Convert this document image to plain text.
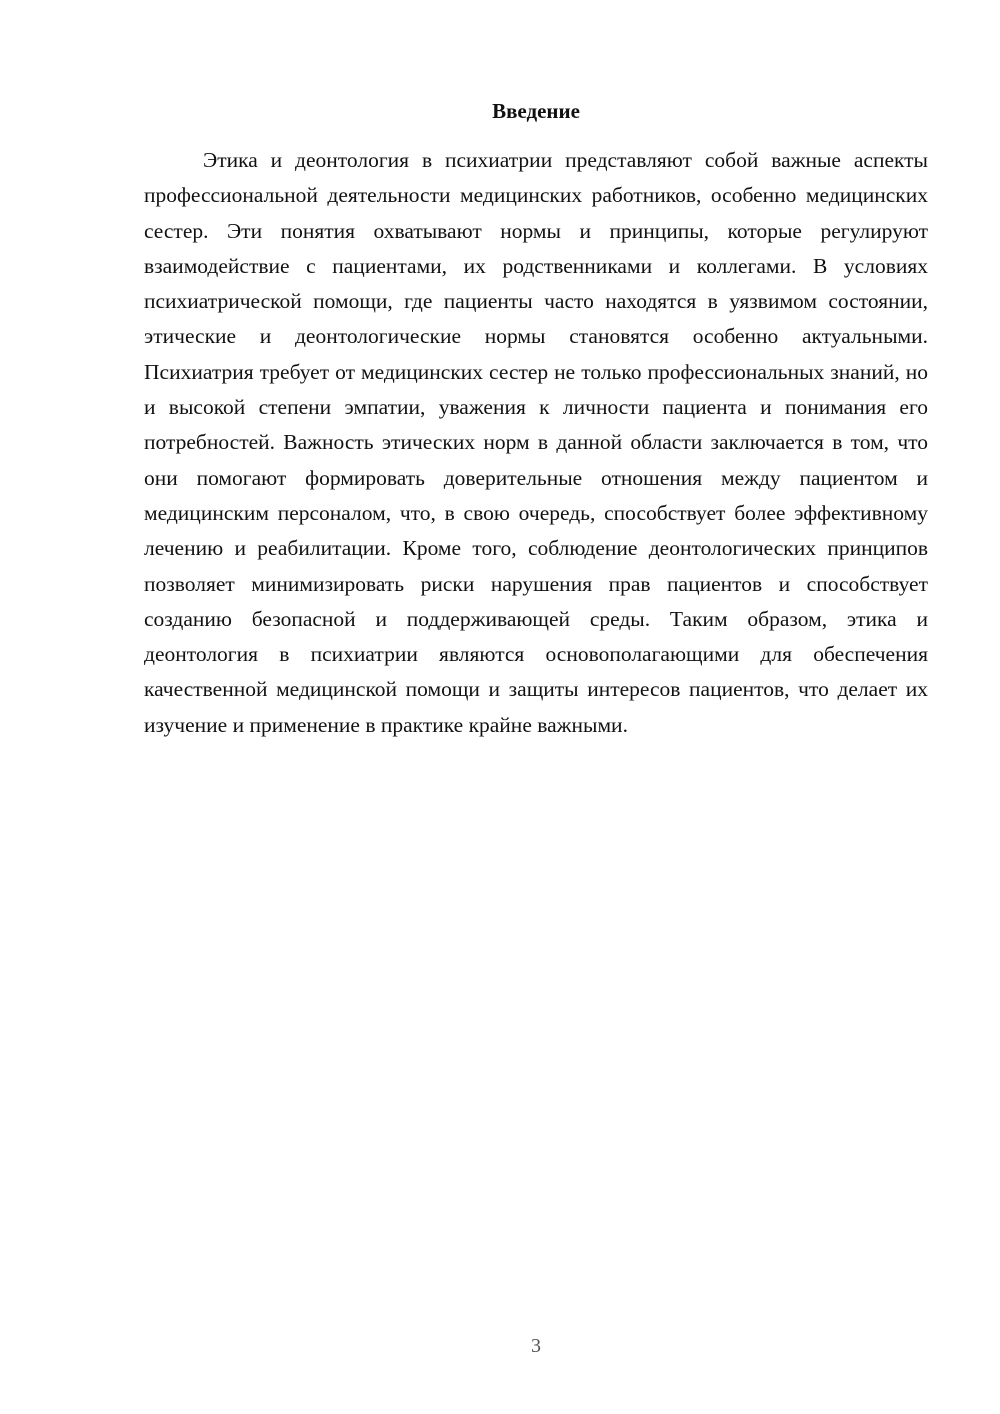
Введение

Этика и деонтология в психиатрии представляют собой важные аспекты профессиональной деятельности медицинских работников, особенно медицинских сестер. Эти понятия охватывают нормы и принципы, которые регулируют взаимодействие с пациентами, их родственниками и коллегами. В условиях психиатрической помощи, где пациенты часто находятся в уязвимом состоянии, этические и деонтологические нормы становятся особенно актуальными. Психиатрия требует от медицинских сестер не только профессиональных знаний, но и высокой степени эмпатии, уважения к личности пациента и понимания его потребностей. Важность этических норм в данной области заключается в том, что они помогают формировать доверительные отношения между пациентом и медицинским персоналом, что, в свою очередь, способствует более эффективному лечению и реабилитации. Кроме того, соблюдение деонтологических принципов позволяет минимизировать риски нарушения прав пациентов и способствует созданию безопасной и поддерживающей среды. Таким образом, этика и деонтология в психиатрии являются основополагающими для обеспечения качественной медицинской помощи и защиты интересов пациентов, что делает их изучение и применение в практике крайне важными.

3
